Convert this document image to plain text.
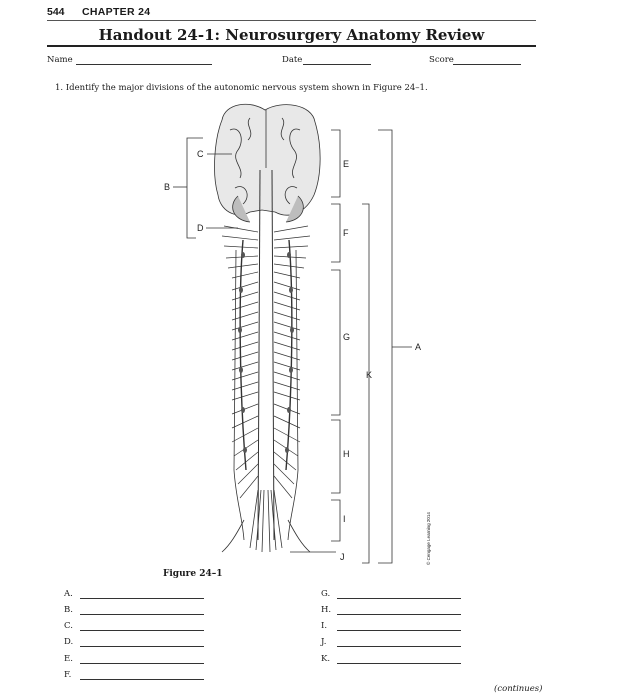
544 CHAPTER 24
Handout 24-1: Neurosurgery Anatomy Review
Name	Date	Score
1. Identify the major divisions of the autonomic nervous system shown in Figure 24–1.
B
C
D
E
F
G
H
I
J
K
A
© Cengage Learning 2014
Figure 24–1
A.
B.
C.
D.
E.
F.
G.
H.
I.
J.
K.
(continues)
